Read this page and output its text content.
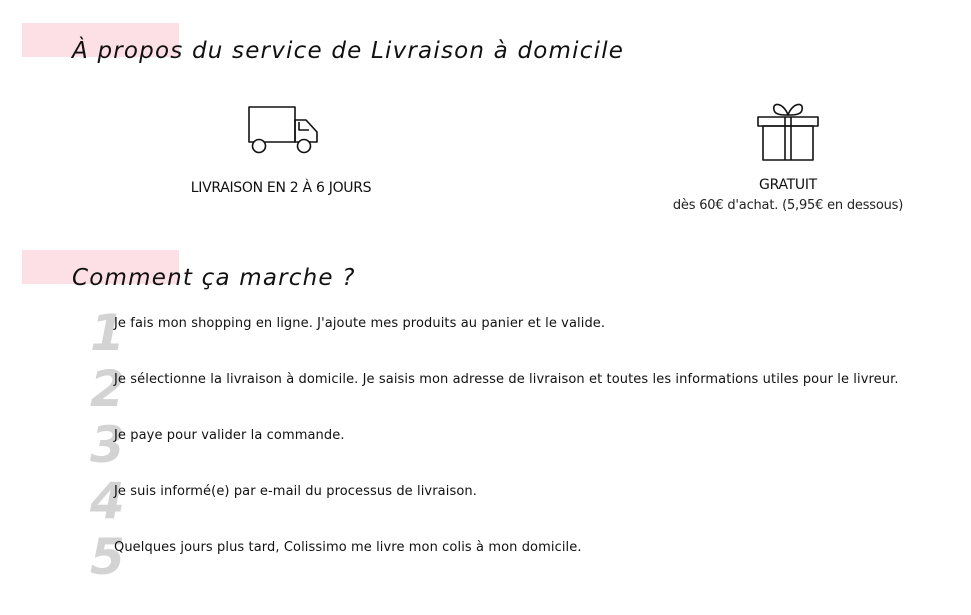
À propos du service de Livraison à domicile
LIVRAISON EN 2 À 6 JOURS	GRATUIT
dès 60€ d'achat. (5,95€ en dessous)
Comment ça marche ?
1
Je fais mon shopping en ligne. J'ajoute mes produits au panier et le valide.
2
Je sélectionne la livraison à domicile. Je saisis mon adresse de livraison et toutes les informations utiles pour le livreur.
3
Je paye pour valider la commande.
4
Je suis informé(e) par e-mail du processus de livraison.
5
Quelques jours plus tard, Colissimo me livre mon colis à mon domicile.
